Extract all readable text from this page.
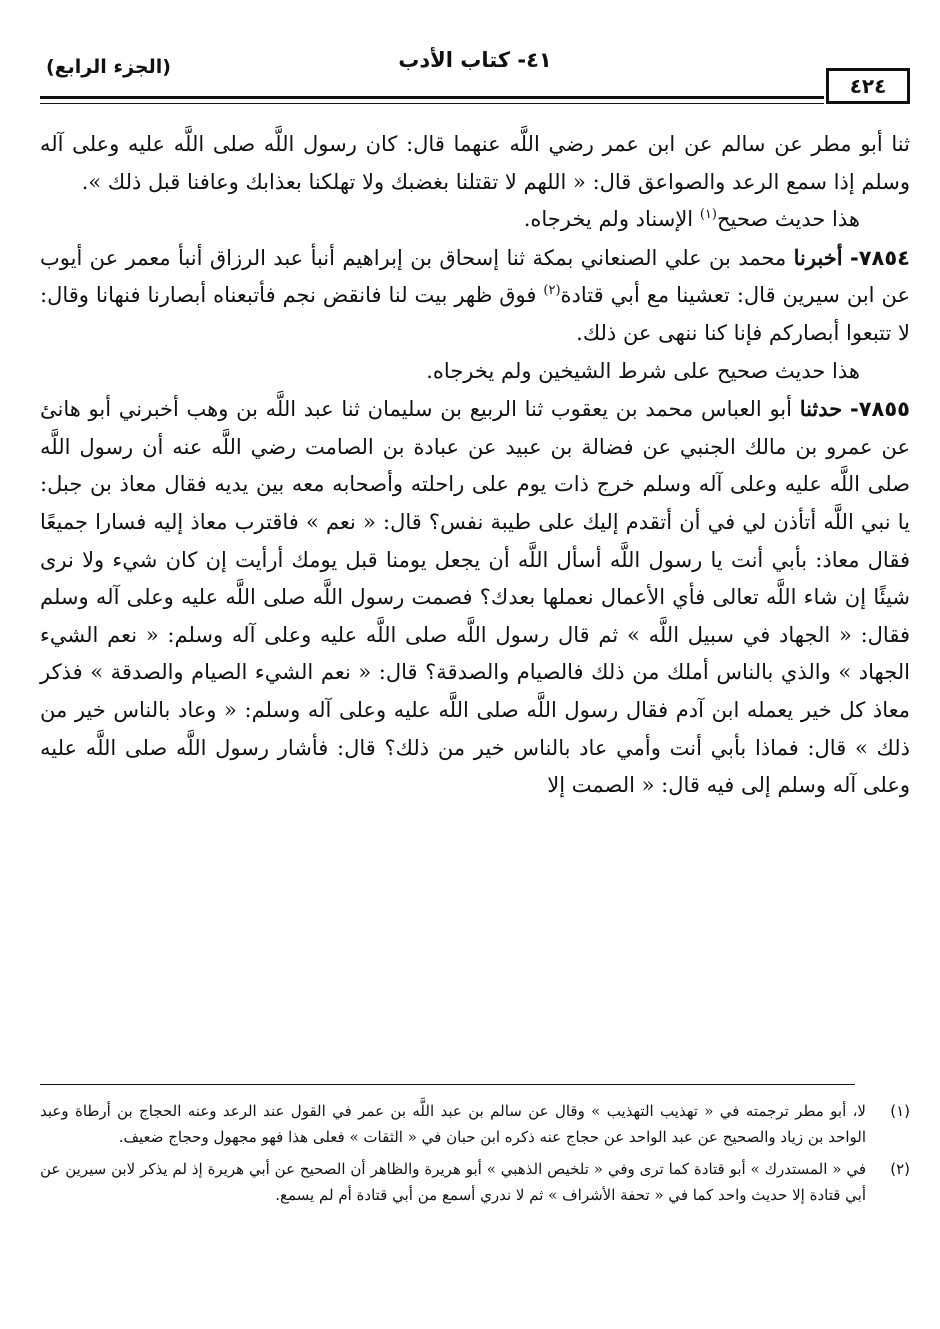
٤٢٤
٤١- كتاب الأدب
(الجزء الرابع)

ثنا أبو مطر عن سالم عن ابن عمر رضي اللَّه عنهما قال: كان رسول اللَّه صلى اللَّه عليه وعلى آله وسلم إذا سمع الرعد والصواعق قال: « اللهم لا تقتلنا بغضبك ولا تهلكنا بعذابك وعافنا قبل ذلك ».

هذا حديث صحيح$^{(١)}$ الإسناد ولم يخرجاه.

٧٨٥٤- أخبرنا محمد بن علي الصنعاني بمكة ثنا إسحاق بن إبراهيم أنبأ عبد الرزاق أنبأ معمر عن أيوب عن ابن سيرين قال: تعشينا مع أبي قتادة$^{(٢)}$ فوق ظهر بيت لنا فانقض نجم فأتبعناه أبصارنا فنهانا وقال: لا تتبعوا أبصاركم فإنا كنا ننهى عن ذلك.

هذا حديث صحيح على شرط الشيخين ولم يخرجاه.

٧٨٥٥- حدثنا أبو العباس محمد بن يعقوب ثنا الربيع بن سليمان ثنا عبد اللَّه بن وهب أخبرني أبو هانئ عن عمرو بن مالك الجنبي عن فضالة بن عبيد عن عبادة بن الصامت رضي اللَّه عنه أن رسول اللَّه صلى اللَّه عليه وعلى آله وسلم خرج ذات يوم على راحلته وأصحابه معه بين يديه فقال معاذ بن جبل: يا نبي اللَّه أتأذن لي في أن أتقدم إليك على طيبة نفس؟ قال: « نعم » فاقترب معاذ إليه فسارا جميعًا فقال معاذ: بأبي أنت يا رسول اللَّه أسأل اللَّه أن يجعل يومنا قبل يومك أرأيت إن كان شيء ولا نرى شيئًا إن شاء اللَّه تعالى فأي الأعمال نعملها بعدك؟ فصمت رسول اللَّه صلى اللَّه عليه وعلى آله وسلم فقال: « الجهاد في سبيل اللَّه » ثم قال رسول اللَّه صلى اللَّه عليه وعلى آله وسلم: « نعم الشيء الجهاد » والذي بالناس أملك من ذلك فالصيام والصدقة؟ قال: « نعم الشيء الصيام والصدقة » فذكر معاذ كل خير يعمله ابن آدم فقال رسول اللَّه صلى اللَّه عليه وعلى آله وسلم: « وعاد بالناس خير من ذلك » قال: فماذا بأبي أنت وأمي عاد بالناس خير من ذلك؟ قال: فأشار رسول اللَّه صلى اللَّه عليه وعلى آله وسلم إلى فيه قال: « الصمت إلا

(١)
لا، أبو مطر ترجمته في « تهذيب التهذيب » وقال عن سالم بن عبد اللَّه بن عمر في القول عند الرعد وعنه الحجاج بن أرطاة وعبد الواحد بن زياد والصحيح عن عبد الواحد عن حجاج عنه ذكره ابن حبان في « الثقات » فعلى هذا فهو مجهول وحجاج ضعيف.
(٢)
في « المستدرك » أبو قتادة كما ترى وفي « تلخيص الذهبي » أبو هريرة والظاهر أن الصحيح عن أبي هريرة إذ لم يذكر لابن سيرين عن أبي قتادة إلا حديث واحد كما في « تحفة الأشراف » ثم لا ندري أسمع من أبي قتادة أم لم يسمع.
